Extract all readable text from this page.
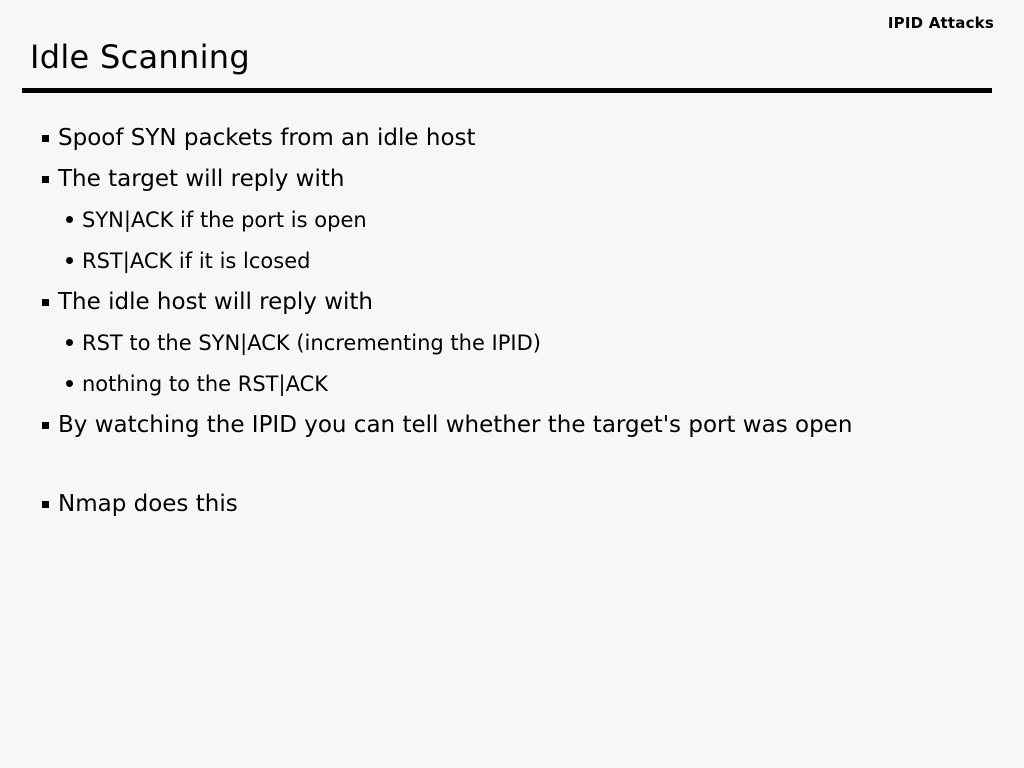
IPID Attacks
Idle Scanning
Spoof SYN packets from an idle host
The target will reply with
SYN|ACK if the port is open
RST|ACK if it is lcosed
The idle host will reply with
RST to the SYN|ACK (incrementing the IPID)
nothing to the RST|ACK
By watching the IPID you can tell whether the target's port was open
Nmap does this
